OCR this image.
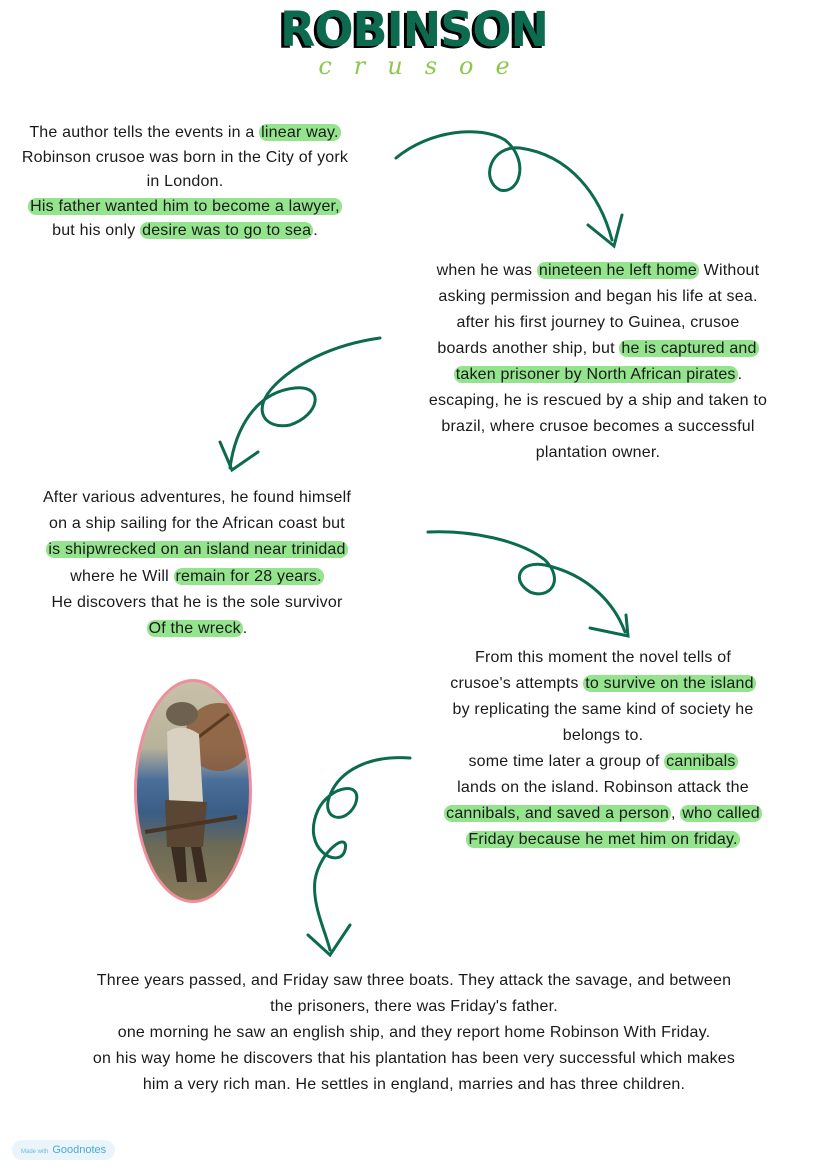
ROBINSON
crusoe
The author tells the events in a linear way.
Robinson crusoe was born in the City of york
in London.
His father wanted him to become a lawyer,
but his only desire was to go to sea .
when he was nineteen he left home Without
asking permission and began his life at sea.
after his first journey to Guinea, crusoe
boards another ship, but he is captured and
taken prisoner by North African pirates .
escaping, he is rescued by a ship and taken to
brazil, where crusoe becomes a successful
plantation owner.
After various adventures, he found himself
on a ship sailing for the African coast but
is shipwrecked on an island near trinidad
where he Will remain for 28 years.
He discovers that he is the sole survivor
Of the wreck .
From this moment the novel tells of
crusoe's attempts to survive on the island
by replicating the same kind of society he
belongs to.
some time later a group of cannibals
lands on the island. Robinson attack the
cannibals, and saved a person , who called
Friday because he met him on friday.
Three years passed, and Friday saw three boats. They attack the savage, and between
the prisoners, there was Friday's father.
one morning he saw an english ship, and they report home Robinson With Friday.
on his way home he discovers that his plantation has been very successful which makes
him a very rich man. He settles in england, marries and has three children.
Made with Goodnotes
